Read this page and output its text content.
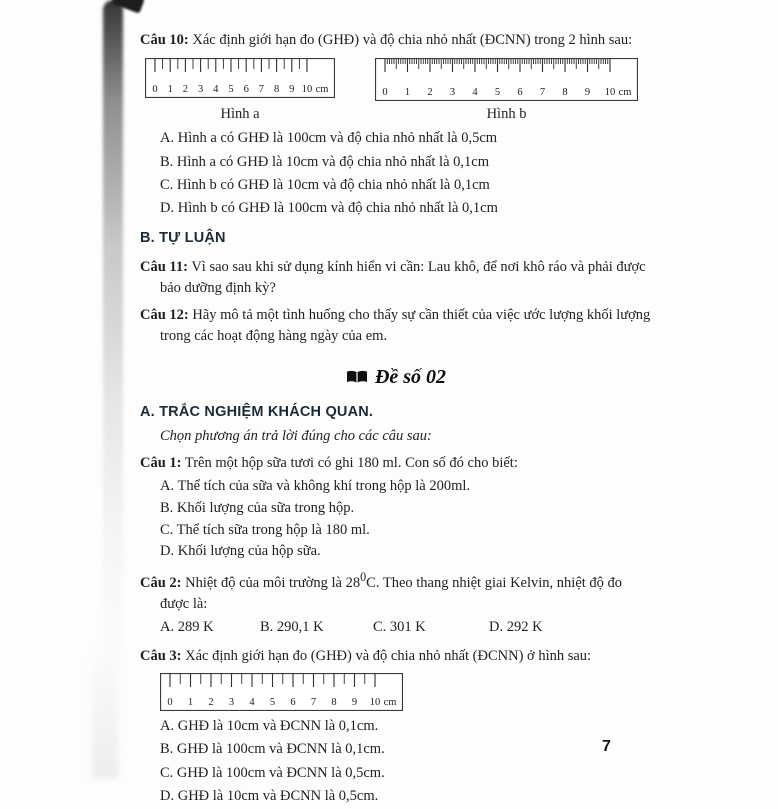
Câu 10: Xác định giới hạn đo (GHĐ) và độ chia nhỏ nhất (ĐCNN) trong 2 hình sau:

0 1 2 3 4 5 6 7 8 9 10 cm	0 1 2 3 4 5 6 7 8 9 10 cm
Hình a	Hình b
A. Hình a có GHĐ là 100cm và độ chia nhỏ nhất là 0,5cm
B. Hình a có GHĐ là 10cm và độ chia nhỏ nhất là 0,1cm
C. Hình b có GHĐ là 10cm và độ chia nhỏ nhất là 0,1cm
D. Hình b có GHĐ là 100cm và độ chia nhỏ nhất là 0,1cm

B. TỰ LUẬN

Câu 11: Vì sao sau khi sử dụng kính hiển vi cần: Lau khô, để nơi khô ráo và phải được bảo dưỡng định kỳ?

Câu 12: Hãy mô tả một tình huống cho thấy sự cần thiết của việc ước lượng khối lượng trong các hoạt động hàng ngày của em.

Đề số 02

A. TRẮC NGHIỆM KHÁCH QUAN.

Chọn phương án trả lời đúng cho các câu sau:

Câu 1: Trên một hộp sữa tươi có ghi 180 ml. Con số đó cho biết:

A. Thể tích của sữa và không khí trong hộp là 200ml.
B. Khối lượng của sữa trong hộp.
C. Thể tích sữa trong hộp là 180 ml.
D. Khối lượng của hộp sữa.

Câu 2: Nhiệt độ của môi trường là $28^0C$. Theo thang nhiệt giai Kelvin, nhiệt độ đo được là:

A. 289 K	B. 290,1 K	C. 301 K	D. 292 K

Câu 3: Xác định giới hạn đo (GHĐ) và độ chia nhỏ nhất (ĐCNN) ở hình sau:

0 1 2 3 4 5 6 7 8 9 10 cm
A. GHĐ là 10cm và ĐCNN là 0,1cm.
B. GHĐ là 100cm và ĐCNN là 0,1cm.
C. GHĐ là 100cm và ĐCNN là 0,5cm.
D. GHĐ là 10cm và ĐCNN là 0,5cm.
7
